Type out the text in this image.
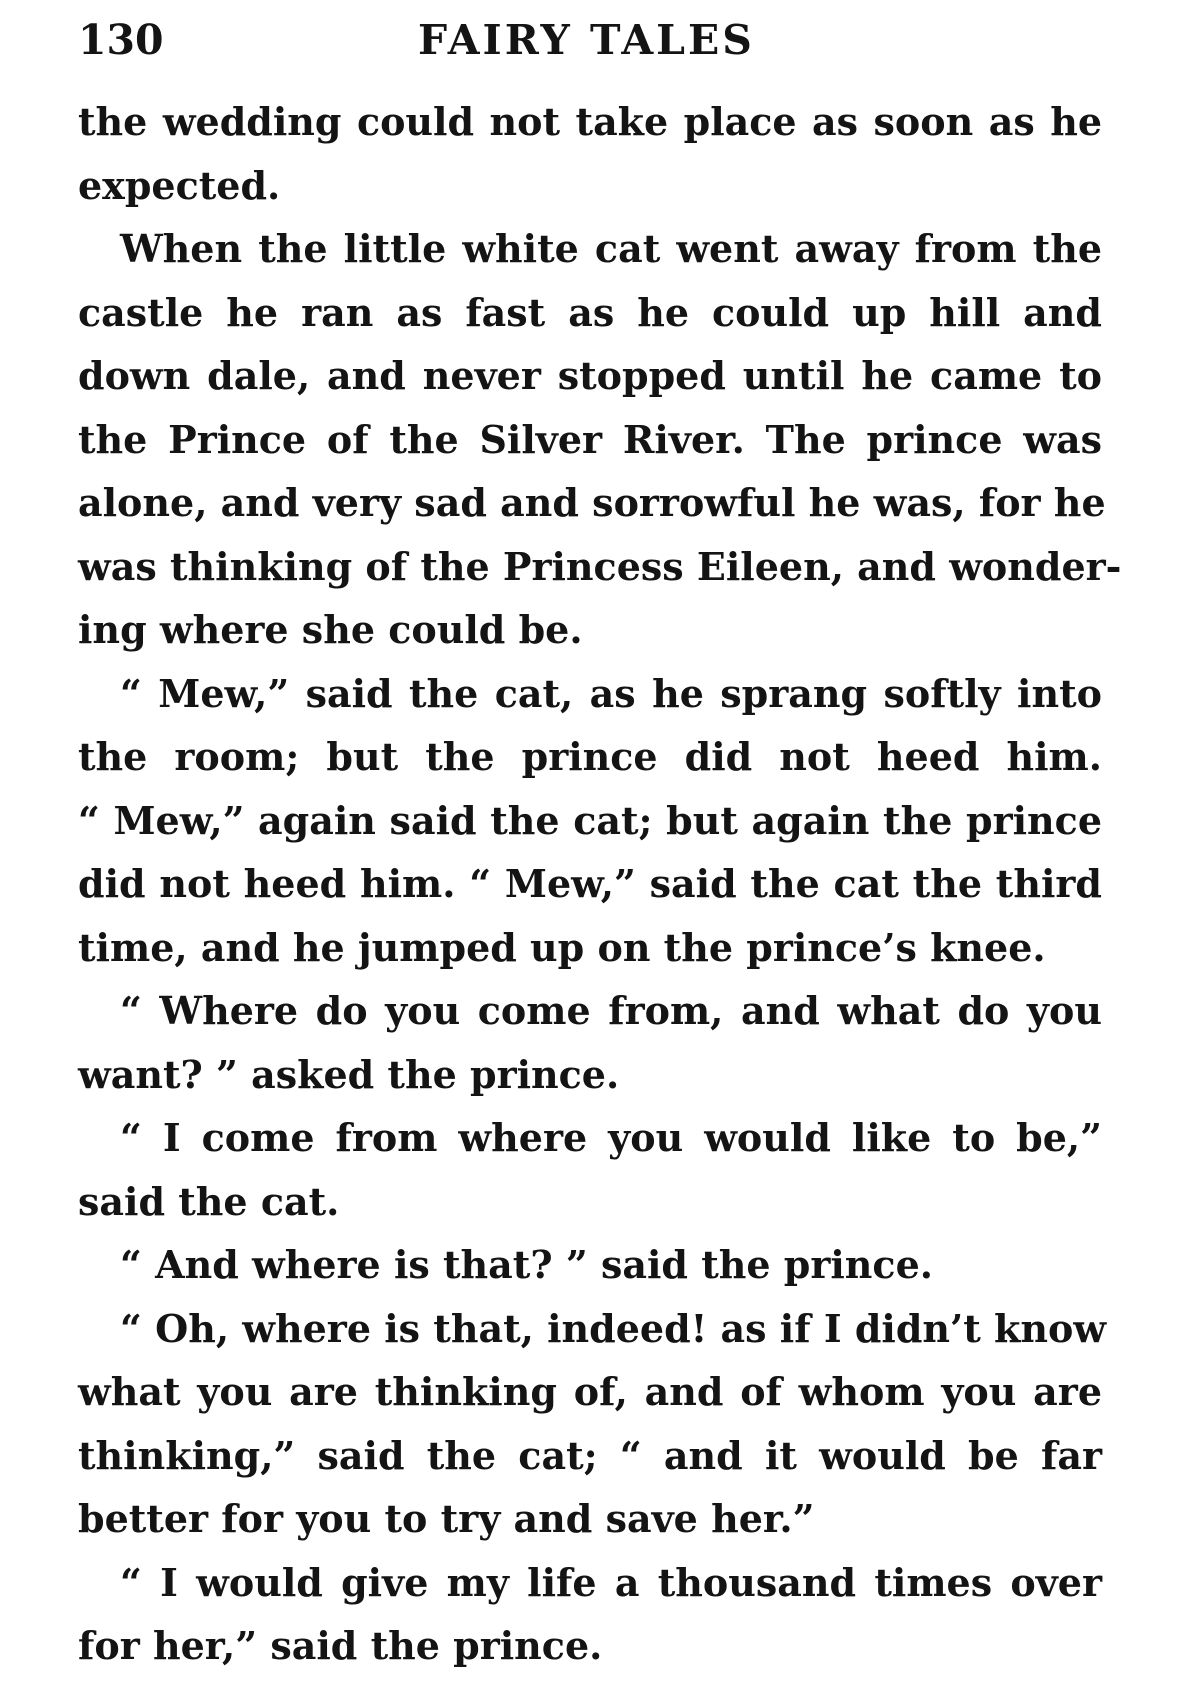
130	FAIRY TALES
the wedding could not take place as soon as he
expected.
When the little white cat went away from the
castle he ran as fast as he could up hill and
down dale, and never stopped until he came to
the Prince of the Silver River. The prince was
alone, and very sad and sorrowful he was, for he
was thinking of the Princess Eileen, and wonder-
ing where she could be.
“ Mew,” said the cat, as he sprang softly into
the room; but the prince did not heed him.
“ Mew,” again said the cat; but again the prince
did not heed him. “ Mew,” said the cat the third
time, and he jumped up on the prince’s knee.
“ Where do you come from, and what do you
want? ” asked the prince.
“ I come from where you would like to be,”
said the cat.
“ And where is that? ” said the prince.
“ Oh, where is that, indeed! as if I didn’t know
what you are thinking of, and of whom you are
thinking,” said the cat; “ and it would be far
better for you to try and save her.”
“ I would give my life a thousand times over
for her,” said the prince.
